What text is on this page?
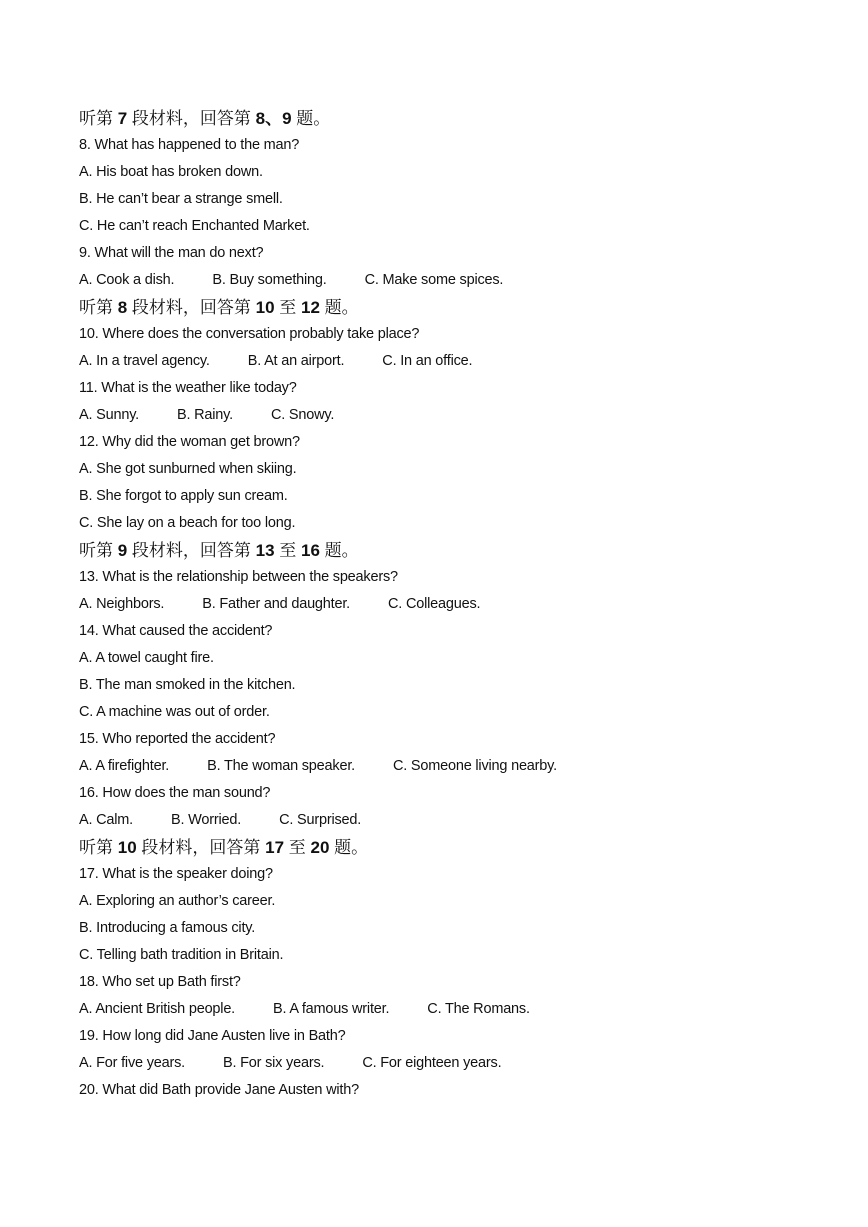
听第 7 段材料，回答第 8、9 题。
8. What has happened to the man?
A. His boat has broken down.
B. He can’t bear a strange smell.
C. He can’t reach Enchanted Market.
9. What will the man do next?
A. Cook a dish.	B. Buy something.	C. Make some spices.
听第 8 段材料，回答第 10 至 12 题。
10. Where does the conversation probably take place?
A. In a travel agency.	B. At an airport.	C. In an office.
11. What is the weather like today?
A. Sunny.	B. Rainy.	C. Snowy.
12. Why did the woman get brown?
A. She got sunburned when skiing.
B. She forgot to apply sun cream.
C. She lay on a beach for too long.
听第 9 段材料，回答第 13 至 16 题。
13. What is the relationship between the speakers?
A. Neighbors.	B. Father and daughter.	C. Colleagues.
14. What caused the accident?
A. A towel caught fire.
B. The man smoked in the kitchen.
C. A machine was out of order.
15. Who reported the accident?
A. A firefighter.	B. The woman speaker.	C. Someone living nearby.
16. How does the man sound?
A. Calm.	B. Worried.	C. Surprised.
听第 10 段材料，回答第 17 至 20 题。
17. What is the speaker doing?
A. Exploring an author’s career.
B. Introducing a famous city.
C. Telling bath tradition in Britain.
18. Who set up Bath first?
A. Ancient British people.	B. A famous writer.	C. The Romans.
19. How long did Jane Austen live in Bath?
A. For five years.	B. For six years.	C. For eighteen years.
20. What did Bath provide Jane Austen with?
